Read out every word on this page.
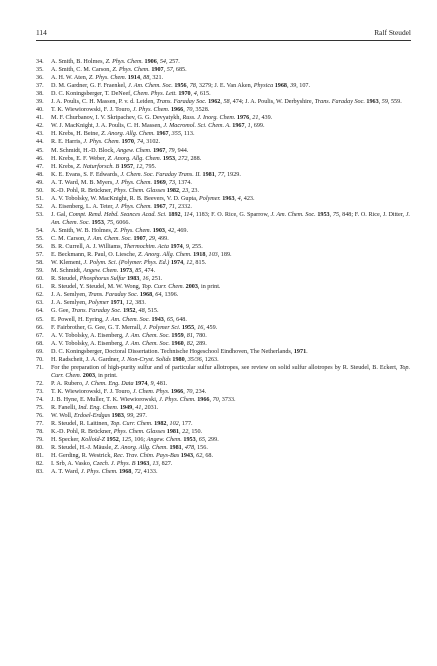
114	Ralf Steudel
34.	A. Smith, B. Holmes, Z. Phys. Chem. 1906, 54, 257.
35.	A. Smith, C. M. Carson, Z. Phys. Chem. 1907, 57, 685.
36.	A. H. W. Aten, Z. Phys. Chem. 1914, 88, 321.
37.	D. M. Gardner, G. F. Fraenkel, J. Am. Chem. Soc. 1956, 78, 3279; J. E. Van Aken, Physica 1968, 39, 107.
38.	D. C. Koningsberger, T. DeNeef, Chem. Phys. Lett. 1970, 4, 615.
39.	J. A. Poulis, C. H. Massen, P. v. d. Leiden, Trans. Faraday Soc. 1962, 58, 474; J. A. Poulis, W. Derbyshire, Trans. Faraday Soc. 1963, 59, 559.
40.	T. K. Wiewiorowski, F. J. Touro, J. Phys. Chem. 1966, 70, 3528.
41.	M. F. Churbanov, I. V. Skripachev, G. G. Devyatykh, Russ. J. Inorg. Chem. 1976, 21, 439.
42.	W. J. MacKnight, J. A. Poulis, C. H. Massen, J. Macromol. Sci. Chem. A. 1967, 1, 699.
43.	H. Krebs, H. Beine, Z. Anorg. Allg. Chem. 1967, 355, 113.
44.	R. E. Harris, J. Phys. Chem. 1970, 74, 3102.
45.	M. Schmidt, H.-D. Block, Angew. Chem. 1967, 79, 944.
46.	H. Krebs, E. F. Weber, Z. Anorg. Allg. Chem. 1953, 272, 288.
47.	H. Krebs, Z. Naturforsch. B 1957, 12, 795.
48.	K. E. Evans, S. F. Edwards, J. Chem. Soc. Faraday Trans. II. 1981, 77, 1929.
49.	A. T. Ward, M. B. Myers, J. Phys. Chem. 1969, 73, 1374.
50.	K.-D. Pohl, R. Brückner, Phys. Chem. Glasses 1982, 23, 23.
51.	A. V. Tobolsky, W. MacKnight, R. B. Beevers, V. D. Gupta, Polymer. 1963, 4, 423.
52.	A. Eisenberg, L. A. Teter, J. Phys. Chem. 1967, 71, 2332.
53.	J. Gal, Compt. Rend. Hebd. Seances Acad. Sci. 1892, 114, 1183; F. O. Rice, G. Sparrow, J. Am. Chem. Soc. 1953, 75, 848; F. O. Rice, J. Ditter, J. Am. Chem. Soc. 1953, 75, 6066.
54.	A. Smith, W. B. Holmes, Z. Phys. Chem. 1903, 42, 469.
55.	C. M. Carson, J. Am. Chem. Soc. 1907, 29, 499.
56.	B. R. Currell, A. J. Williams, Thermochim. Acta 1974, 9, 255.
57.	E. Beckmann, R. Paul, O. Liesche, Z. Anorg. Allg. Chem. 1918, 103, 189.
58.	W. Klement, J. Polym. Sci. (Polymer. Phys. Ed.) 1974, 12, 815.
59.	M. Schmidt, Angew. Chem. 1973, 85, 474.
60.	R. Steudel, Phosphorus Sulfur 1983, 16, 251.
61.	R. Steudel, Y. Steudel, M. W. Wong, Top. Curr. Chem. 2003, in print.
62.	J. A. Semlyen, Trans. Faraday Soc. 1968, 64, 1396.
63.	J. A. Semlyen, Polymer 1971, 12, 383.
64.	G. Gee, Trans. Faraday Soc. 1952, 48, 515.
65.	E. Powell, H. Eyring, J. Am. Chem. Soc. 1943, 65, 648.
66.	F. Fairbrother, G. Gee, G. T. Merrall, J. Polymer Sci. 1955, 16, 459.
67.	A. V. Tobolsky, A. Eisenberg, J. Am. Chem. Soc. 1959, 81, 780.
68.	A. V. Tobolsky, A. Eisenberg, J. Am. Chem. Soc. 1960, 82, 289.
69.	D. C. Koningsberger, Doctoral Dissertation. Technische Hogeschool Eindhoven, The Netherlands, 1971.
70.	H. Radscheit, J. A. Gardner, J. Non-Cryst. Solids 1980, 35/36, 1263.
71.	For the preparation of high-purity sulfur and of particular sulfur allotropes, see review on solid sulfur allotropes by R. Steudel, B. Eckert, Top. Curr. Chem. 2003, in print.
72.	P. A. Rubero, J. Chem. Eng. Data 1974, 9, 481.
73.	T. K. Wiewiorowski, F. J. Touro, J. Chem. Phys. 1966, 70, 234.
74.	J. B. Hyne, E. Muller, T. K. Wiewiorowski, J. Phys. Chem. 1966, 70, 3733.
75.	R. Fanelli, Ind. Eng. Chem. 1949, 41, 2031.
76.	W. Woll, Erdoel-Erdgas 1983, 99, 297.
77.	R. Steudel, R. Laitinen, Top. Curr. Chem. 1982, 102, 177.
78.	K.-D. Pohl, R. Brückner, Phys. Chem. Glasses 1981, 22, 150.
79.	H. Specker, Kolloid-Z 1952, 125, 106; Angew. Chem. 1953, 65, 299.
80.	R. Steudel, H.-J. Mäusle, Z. Anorg. Allg. Chem. 1981, 478, 156.
81.	H. Gerding, R. Westrick, Rec. Trav. Chim. Pays-Bas 1943, 62, 68.
82.	I. Srb, A. Vasko, Czech. J. Phys. B 1963, 13, 827.
83.	A. T. Ward, J. Phys. Chem. 1968, 72, 4133.
